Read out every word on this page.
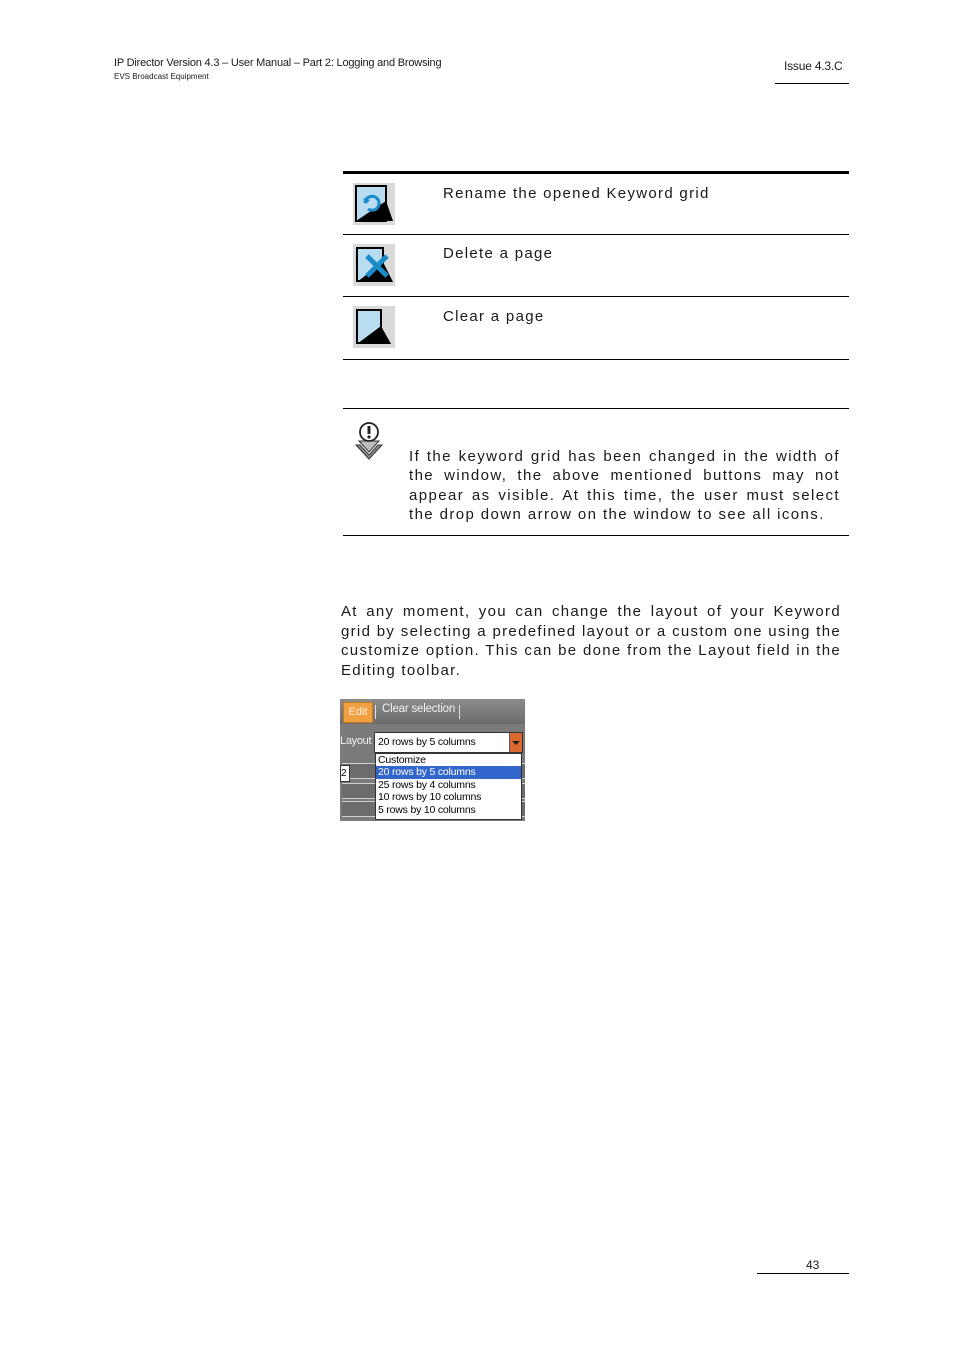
IP Director Version 4.3 – User Manual – Part 2: Logging and Browsing
EVS Broadcast Equipment
Issue 4.3.C
Rename the opened Keyword grid
Delete a page
Clear a page
If the keyword grid has been changed in the width of the window, the above mentioned buttons may not appear as visible. At this time, the user must select the drop down arrow on the window to see all icons.
At any moment, you can change the layout of your Keyword grid by selecting a predefined layout or a custom one using the customize option. This can be done from the Layout field in the Editing toolbar.
Edit	Clear selection
Layout 20 rows by 5 columns
2
Customize
20 rows by 5 columns
25 rows by 4 columns
10 rows by 10 columns
5 rows by 10 columns
43
